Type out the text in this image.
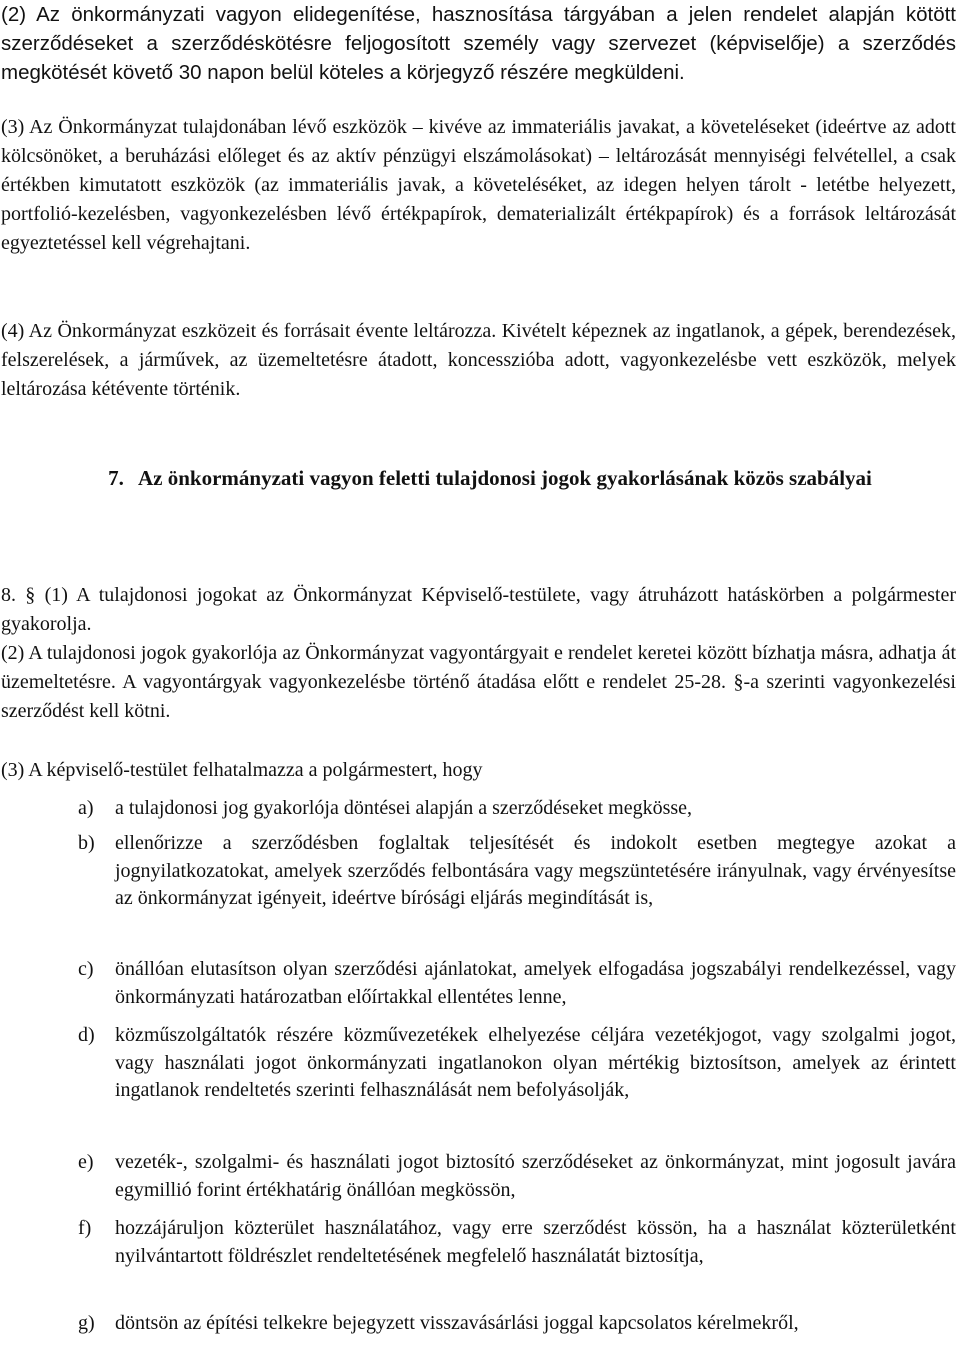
(2) Az önkormányzati vagyon elidegenítése, hasznosítása tárgyában a jelen rendelet alapján kötött szerződéseket a szerződéskötésre feljogosított személy vagy szervezet (képviselője) a szerződés megkötését követő 30 napon belül köteles a körjegyző részére megküldeni.

(3) Az Önkormányzat tulajdonában lévő eszközök – kivéve az immateriális javakat, a követeléseket (ideértve az adott kölcsönöket, a beruházási előleget és az aktív pénzügyi elszámolásokat) – leltározását mennyiségi felvétellel, a csak értékben kimutatott eszközök (az immateriális javak, a követeléséket, az idegen helyen tárolt - letétbe helyezett, portfolió-kezelésben, vagyonkezelésben lévő értékpapírok, dematerializált értékpapírok) és a források leltározását egyeztetéssel kell végrehajtani.

(4) Az Önkormányzat eszközeit és forrásait évente leltározza. Kivételt képeznek az ingatlanok, a gépek, berendezések, felszerelések, a járművek, az üzemeltetésre átadott, koncesszióba adott, vagyonkezelésbe vett eszközök, melyek leltározása kétévente történik.

7. Az önkormányzati vagyon feletti tulajdonosi jogok gyakorlásának közös szabályai

8. § (1) A tulajdonosi jogokat az Önkormányzat Képviselő-testülete, vagy átruházott hatáskörben a polgármester gyakorolja.

(2) A tulajdonosi jogok gyakorlója az Önkormányzat vagyontárgyait e rendelet keretei között bízhatja másra, adhatja át üzemeltetésre. A vagyontárgyak vagyonkezelésbe történő átadása előtt e rendelet 25-28. §-a szerinti vagyonkezelési szerződést kell kötni.

(3) A képviselő-testület felhatalmazza a polgármestert, hogy

a)	a tulajdonosi jog gyakorlója döntései alapján a szerződéseket megkösse,
b)	ellenőrizze a szerződésben foglaltak teljesítését és indokolt esetben megtegye azokat a jognyilatkozatokat, amelyek szerződés felbontására vagy megszüntetésére irányulnak, vagy érvényesítse az önkormányzat igényeit, ideértve bírósági eljárás megindítását is,
c)	önállóan elutasítson olyan szerződési ajánlatokat, amelyek elfogadása jogszabályi rendelkezéssel, vagy önkormányzati határozatban előírtakkal ellentétes lenne,
d)	közműszolgáltatók részére közművezetékek elhelyezése céljára vezetékjogot, vagy szolgalmi jogot, vagy használati jogot önkormányzati ingatlanokon olyan mértékig biztosítson, amelyek az érintett ingatlanok rendeltetés szerinti felhasználását nem befolyásolják,
e)	vezeték-, szolgalmi- és használati jogot biztosító szerződéseket az önkormányzat, mint jogosult javára egymillió forint értékhatárig önállóan megkössön,
f)	hozzájáruljon közterület használatához, vagy erre szerződést kössön, ha a használat közterületként nyilvántartott földrészlet rendeltetésének megfelelő használatát biztosítja,
g)	döntsön az építési telkekre bejegyzett visszavásárlási joggal kapcsolatos kérelmekről,
